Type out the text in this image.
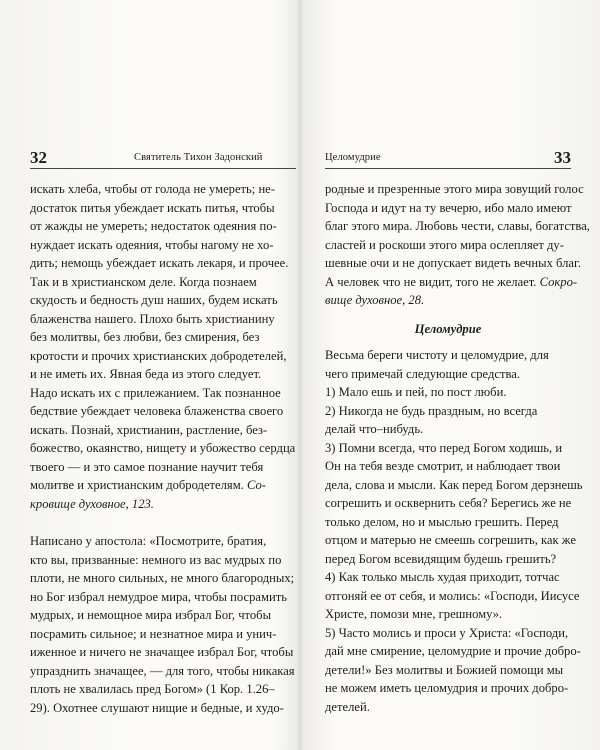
32	Святитель Тихон Задонский
искать хлеба, чтобы от голода не умереть; не-
достаток питья убеждает искать питья, чтобы
от жажды не умереть; недостаток одеяния по-
нуждает искать одеяния, чтобы нагому не хо-
дить; немощь убеждает искать лекаря, и прочее.
Так и в христианском деле. Когда познаем
скудость и бедность душ наших, будем искать
блаженства нашего. Плохо быть христианину
без молитвы, без любви, без смирения, без
кротости и прочих христианских добродетелей,
и не иметь их. Явная беда из этого следует.
Надо искать их с прилежанием. Так познанное
бедствие убеждает человека блаженства своего
искать. Познай, христианин, растление, без-
божество, окаянство, нищету и убожество сердца
твоего — и это самое познание научит тебя
молитве и христианским добродетелям. Со-
кровище духовное, 123.
Написано у апостола: «Посмотрите, братия,
кто вы, призванные: немного из вас мудрых по
плоти, не много сильных, не много благородных;
но Бог избрал немудрое мира, чтобы посрамить
мудрых, и немощное мира избрал Бог, чтобы
посрамить сильное; и незнатное мира и унич-
иженное и ничего не значащее избрал Бог, чтобы
упразднить значащее, — для того, чтобы никакая
плоть не хвалилась пред Богом» (1 Кор. 1.26–
29). Охотнее слушают нищие и бедные, и худо-
Целомудрие	33
родные и презренные этого мира зовущий голос
Господа и идут на ту вечерю, ибо мало имеют
благ этого мира. Любовь чести, славы, богатства,
сластей и роскоши этого мира ослепляет ду-
шевные очи и не допускает видеть вечных благ.
А человек что не видит, того не желает. Сокро-
вище духовное, 28.
Целомудрие
Весьма береги чистоту и целомудрие, для
чего примечай следующие средства.
1) Мало ешь и пей, по пост люби.
2) Никогда не будь праздным, но всегда
делай что–нибудь.
3) Помни всегда, что перед Богом ходишь, и
Он на тебя везде смотрит, и наблюдает твои
дела, слова и мысли. Как перед Богом дерзнешь
согрешить и осквернить себя? Берегись же не
только делом, но и мыслью грешить. Перед
отцом и матерью не смеешь согрешить, как же
перед Богом всевидящим будешь грешить?
4) Как только мысль худая приходит, тотчас
отгоняй ее от себя, и молись: «Господи, Иисусе
Христе, помози мне, грешному».
5) Часто молись и проси у Христа: «Господи,
дай мне смирение, целомудрие и прочие добро-
детели!» Без молитвы и Божией помощи мы
не можем иметь целомудрия и прочих добро-
детелей.
